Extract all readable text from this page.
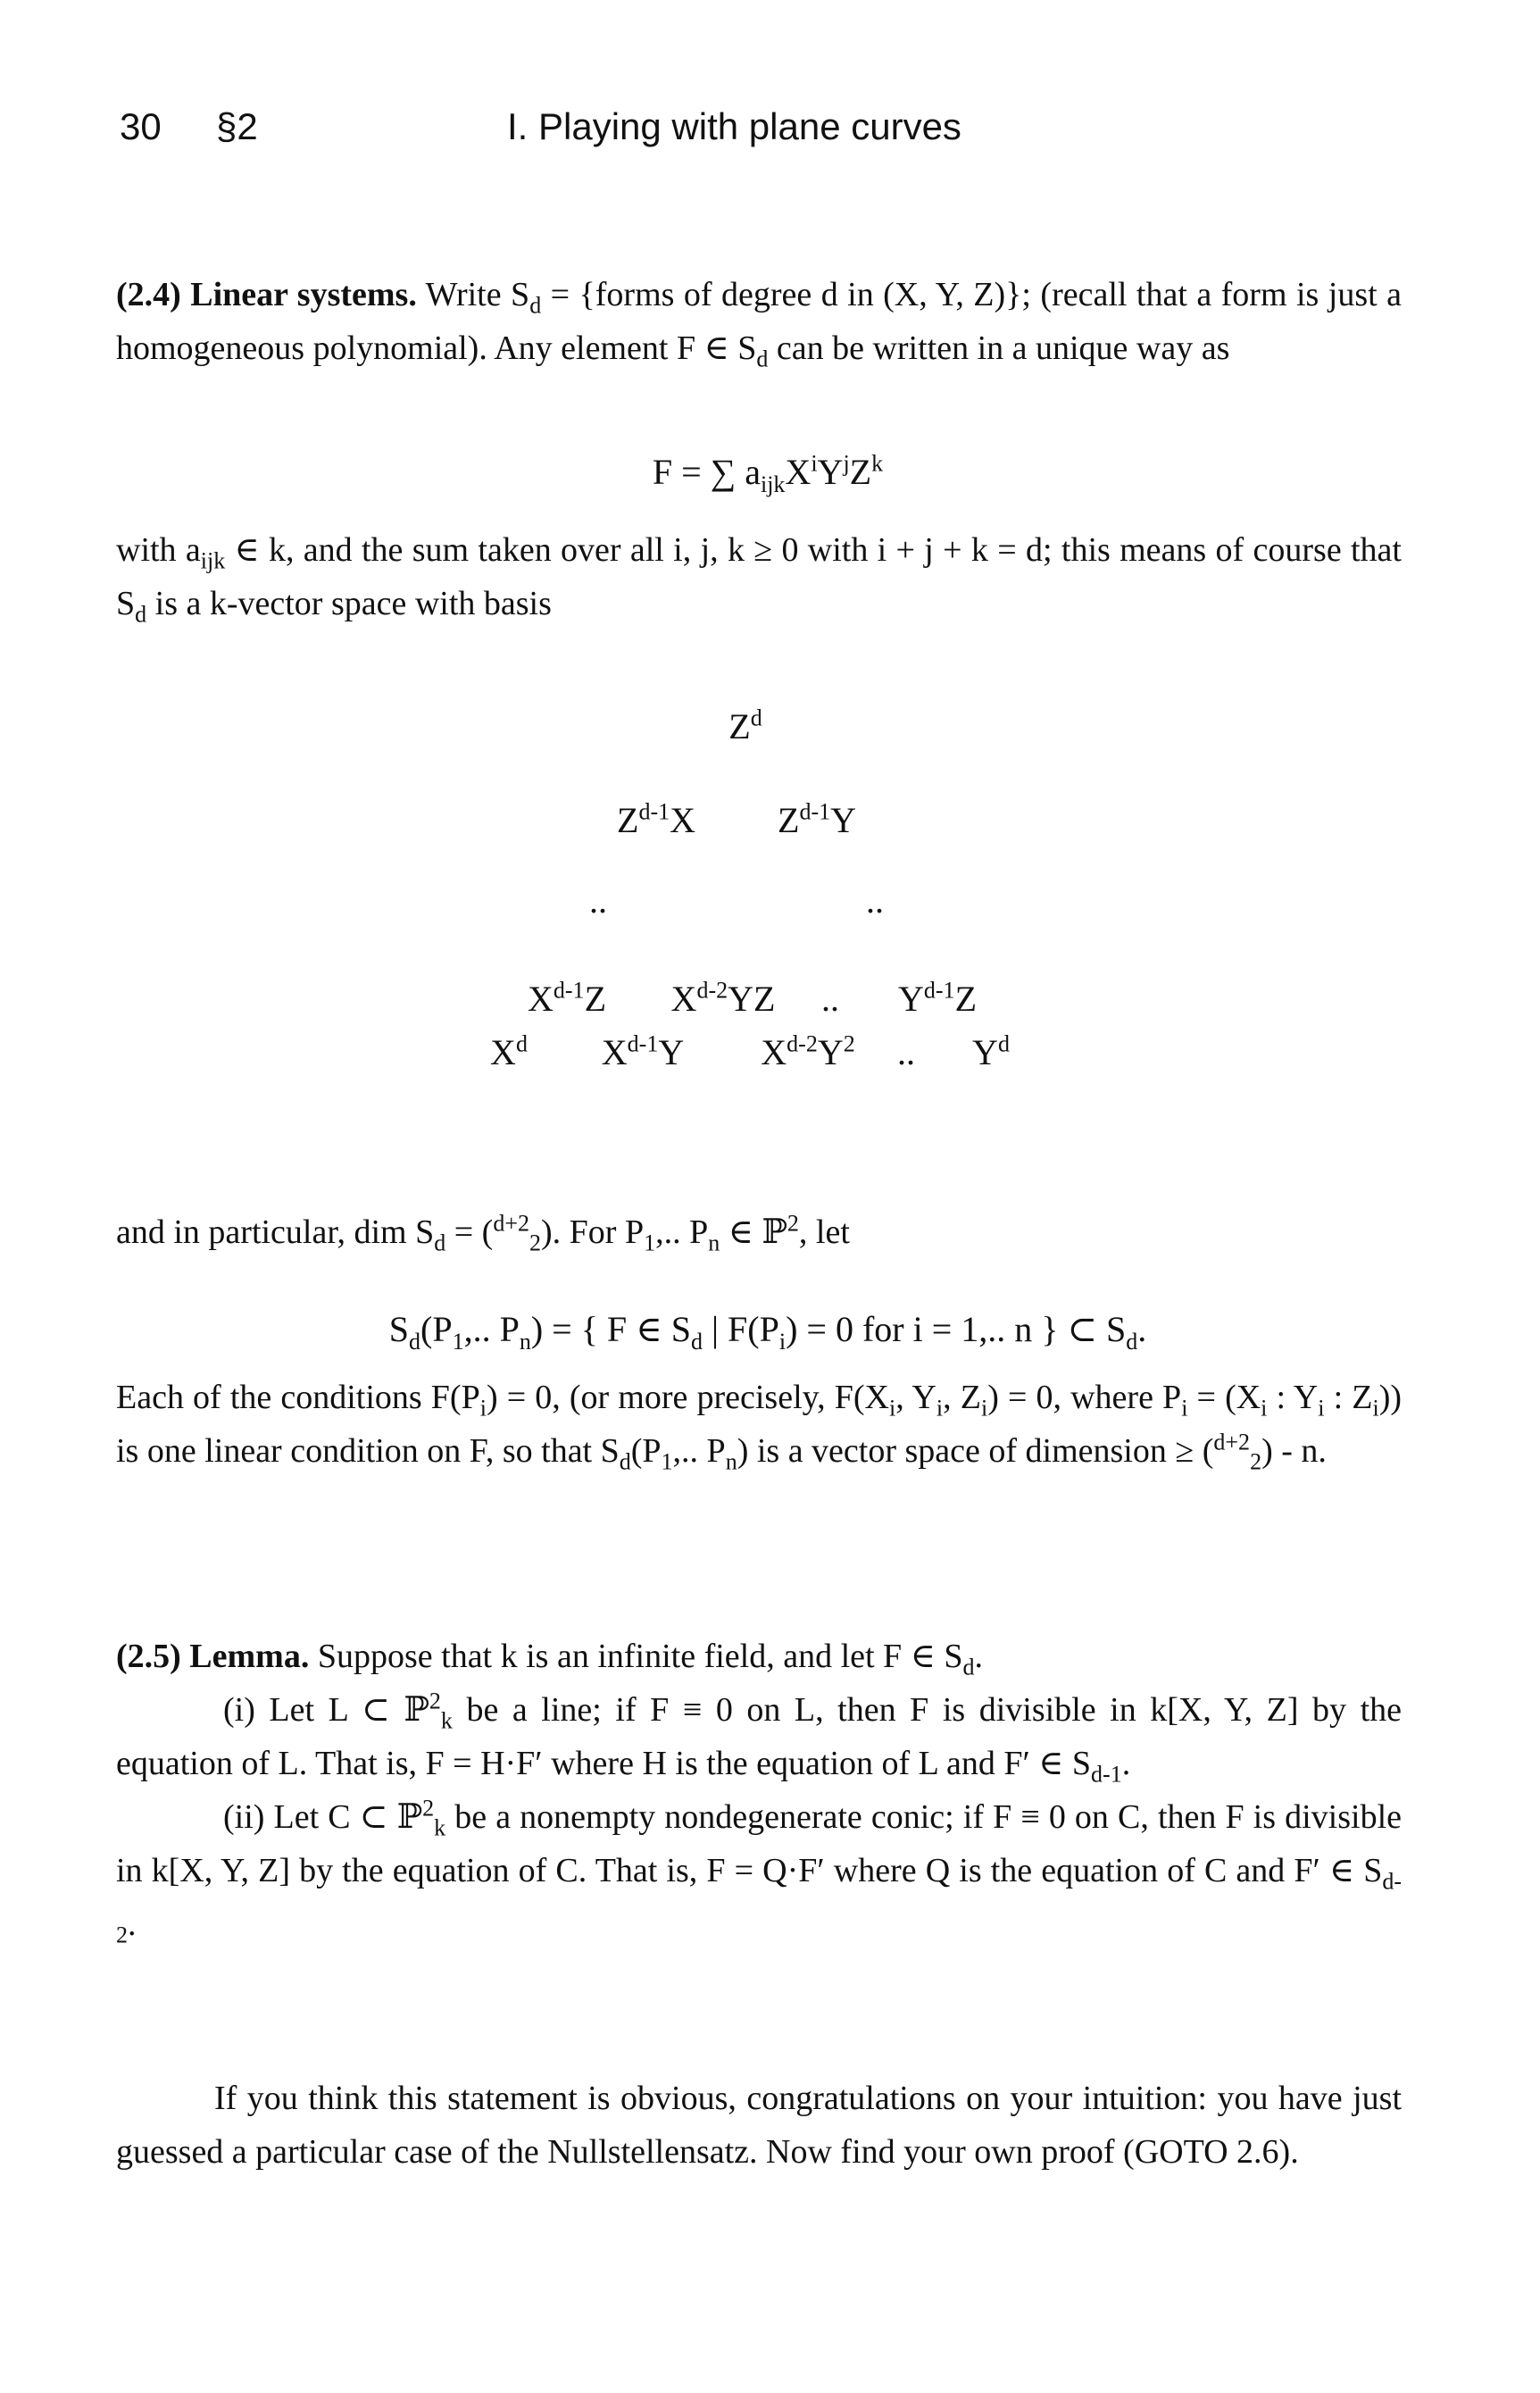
30 §2	I. Playing with plane curves

(2.4) Linear systems. Write $S_d$ = {forms of degree d in (X, Y, Z)}; (recall that a form is just a homogeneous polynomial). Any element F ∈ $S_d$ can be written in a unique way as

F = ∑ $a_{ijk}X^iY^jZ^k$

with $a_{ijk}$ ∈ k, and the sum taken over all i, j, k ≥ 0 with i + j + k = d; this means of course that $S_d$ is a k-vector space with basis

$Z^d$
$Z^{d-1}X$ $Z^{d-1}Y$
..	..
$X^{d-1}Z$ $X^{d-2}YZ$ .. $Y^{d-1}Z$
$X^d$ $X^{d-1}Y$ $X^{d-2}Y^2$ .. $Y^d$

and in particular, dim $S_d = (^{d+2}_2)$. For $P_1$,.. $P_n$ ∈ ℙ$^2$, let

$S_d(P_1$,.. $P_n$) = { F ∈ $S_d$ | $F(P_i) = 0$ for i = 1,.. n } ⊂ $S_d$.

Each of the conditions $F(P_i) = 0$, (or more precisely, $F(X_i$, $Y_i$, $Z_i) = 0$, where $P_i = (X_i$ : $Y_i$ : $Z_i$)) is one linear condition on F, so that $S_d(P_1$,.. $P_n$) is a vector space of dimension ≥ ($^{d+2}_2$) - n.

(2.5) Lemma. Suppose that k is an infinite field, and let F ∈ $S_d$.

(i) Let L ⊂ ℙ$^2_k$ be a line; if F ≡ 0 on L, then F is divisible in k[X, Y, Z] by the equation of L. That is, F = H·F′ where H is the equation of L and F′ ∈ $S_{d-1}$.

(ii) Let C ⊂ ℙ$^2_k$ be a nonempty nondegenerate conic; if F ≡ 0 on C, then F is divisible in k[X, Y, Z] by the equation of C. That is, F = Q·F′ where Q is the equation of C and F′ ∈ $S_{d-2}$.

If you think this statement is obvious, congratulations on your intuition: you have just guessed a particular case of the Nullstellensatz. Now find your own proof (GOTO 2.6).
